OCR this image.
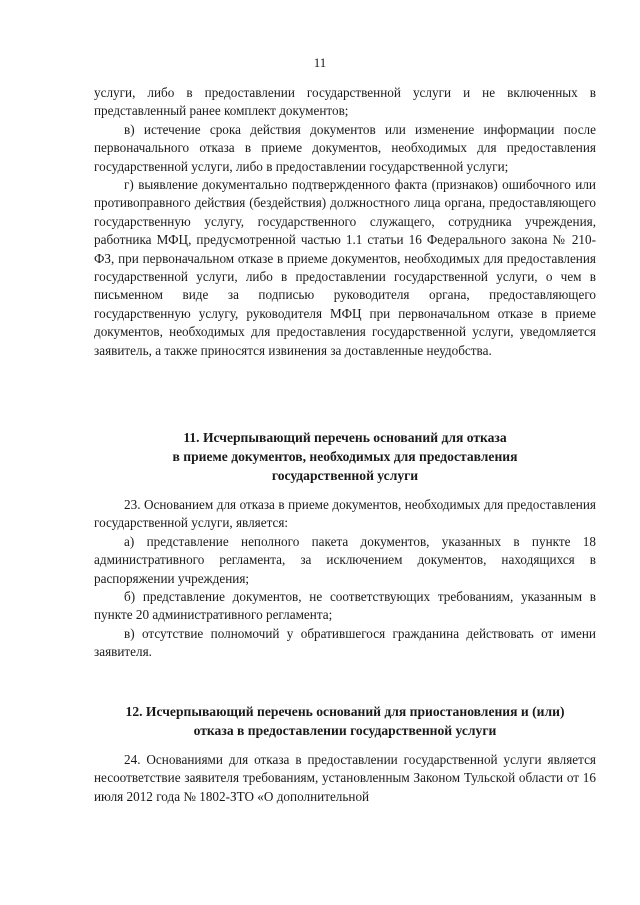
11

услуги, либо в предоставлении государственной услуги и не включенных в представленный ранее комплект документов;

в) истечение срока действия документов или изменение информации после первоначального отказа в приеме документов, необходимых для предоставления государственной услуги, либо в предоставлении государственной услуги;

г) выявление документально подтвержденного факта (признаков) ошибочного или противоправного действия (бездействия) должностного лица органа, предоставляющего государственную услугу, государственного служащего, сотрудника учреждения, работника МФЦ, предусмотренной частью 1.1 статьи 16 Федерального закона № 210-ФЗ, при первоначальном отказе в приеме документов, необходимых для предоставления государственной услуги, либо в предоставлении государственной услуги, о чем в письменном виде за подписью руководителя органа, предоставляющего государственную услугу, руководителя МФЦ при первоначальном отказе в приеме документов, необходимых для предоставления государственной услуги, уведомляется заявитель, а также приносятся извинения за доставленные неудобства.

11. Исчерпывающий перечень оснований для отказа
в приеме документов, необходимых для предоставления
государственной услуги

23. Основанием для отказа в приеме документов, необходимых для предоставления государственной услуги, является:

а) представление неполного пакета документов, указанных в пункте 18 административного регламента, за исключением документов, находящихся в распоряжении учреждения;

б) представление документов, не соответствующих требованиям, указанным в пункте 20 административного регламента;

в) отсутствие полномочий у обратившегося гражданина действовать от имени заявителя.

12. Исчерпывающий перечень оснований для приостановления и (или)
отказа в предоставлении государственной услуги

24. Основаниями для отказа в предоставлении государственной услуги является несоответствие заявителя требованиям, установленным Законом Тульской области от 16 июля 2012 года № 1802-ЗТО «О дополнительной
